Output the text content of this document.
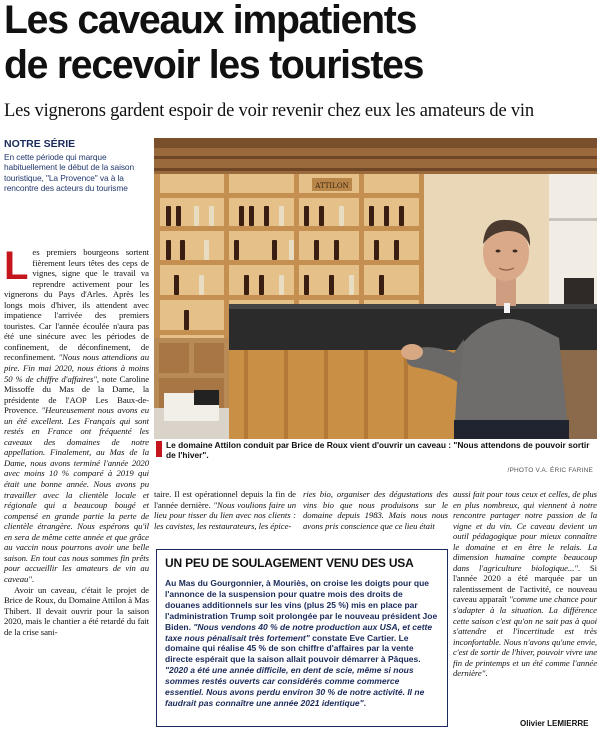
Les caveaux impatients
de recevoir les touristes
Les vignerons gardent espoir de voir revenir chez eux les amateurs de vin
NOTRE SÉRIE
En cette période qui marque habituellement le début de la saison touristique, "La Provence" va à la rencontre des acteurs du tourisme

Les premiers bourgeons sortent fièrement leurs têtes des ceps de vignes, signe que le travail va reprendre activement pour les vignerons du Pays d'Arles. Après les longs mois d'hiver, ils attendent avec impatience l'arrivée des premiers touristes. Car l'année écoulée n'aura pas été une sinécure avec les périodes de confinement, de déconfinement, de reconfinement. "Nous nous attendions au pire. Fin mai 2020, nous étions à moins 50 % de chiffre d'affaires", note Caroline Missoffe du Mas de la Dame, la présidente de l'AOP Les Baux-de-Provence. "Heureusement nous avons eu un été excellent. Les Français qui sont restés en France ont fréquenté les caveaux des domaines de notre appellation. Finalement, au Mas de la Dame, nous avons terminé l'année 2020 avec moins 10 % comparé à 2019 qui était une bonne année. Nous avons pu travailler avec la clientèle locale et régionale qui a beaucoup bougé et compensé en grande partie la perte de clientèle étrangère. Nous espérons qu'il en sera de même cette année et que grâce au vaccin nous pourrons avoir une belle saison. En tout cas nous sommes fin prêts pour accueillir les amateurs de vin au caveau".

Avoir un caveau, c'était le projet de Brice de Roux, du Domaine Attilon à Mas Thibert. Il devait ouvrir pour la saison 2020, mais le chantier a été retardé du fait de la crise sani-

ATTILON
Le domaine Attilon conduit par Brice de Roux vient d'ouvrir un caveau : "Nous attendons de pouvoir sortir de l'hiver".
/PHOTO V.A. ÉRIC FARINE

taire. Il est opérationnel depuis la fin de l'année dernière. "Nous voulions faire un lieu pour tisser du lien avec nos clients : les cavistes, les restaurateurs, les épice-

ries bio, organiser des dégustations des vins bio que nous produisons sur le domaine depuis 1983. Mais nous nous avons pris conscience que ce lieu était

aussi fait pour tous ceux et celles, de plus en plus nombreux, qui viennent à notre rencontre partager notre passion de la vigne et du vin. Ce caveau devient un outil pédagogique pour mieux connaître le domaine et en être le relais. La dimension humaine compte beaucoup dans l'agriculture biologique...". Si l'année 2020 a été marquée par un ralentissement de l'activité, ce nouveau caveau apparaît "comme une chance pour s'adapter à la situation. La différence cette saison c'est qu'on ne sait pas à quoi s'attendre et l'incertitude est très inconfortable. Nous n'avons qu'une envie, c'est de sortir de l'hiver, pouvoir vivre une fin de printemps et un été comme l'année dernière".

UN PEU DE SOULAGEMENT VENU DES USA
Au Mas du Gourgonnier, à Mouriès, on croise les doigts pour que l'annonce de la suspension pour quatre mois des droits de douanes additionnels sur les vins (plus 25 %) mis en place par l'administration Trump soit prolongée par le nouveau président Joe Biden. "Nous vendons 40 % de notre production aux USA, et cette taxe nous pénalisait très fortement" constate Eve Cartier. Le domaine qui réalise 45 % de son chiffre d'affaires par la vente directe espérait que la saison allait pouvoir démarrer à Pâques. "2020 a été une année difficile, en dent de scie, même si nous sommes restés ouverts car considérés comme commerce essentiel. Nous avons perdu environ 30 % de notre activité. Il ne faudrait pas connaître une année 2021 identique".
Olivier LEMIERRE
